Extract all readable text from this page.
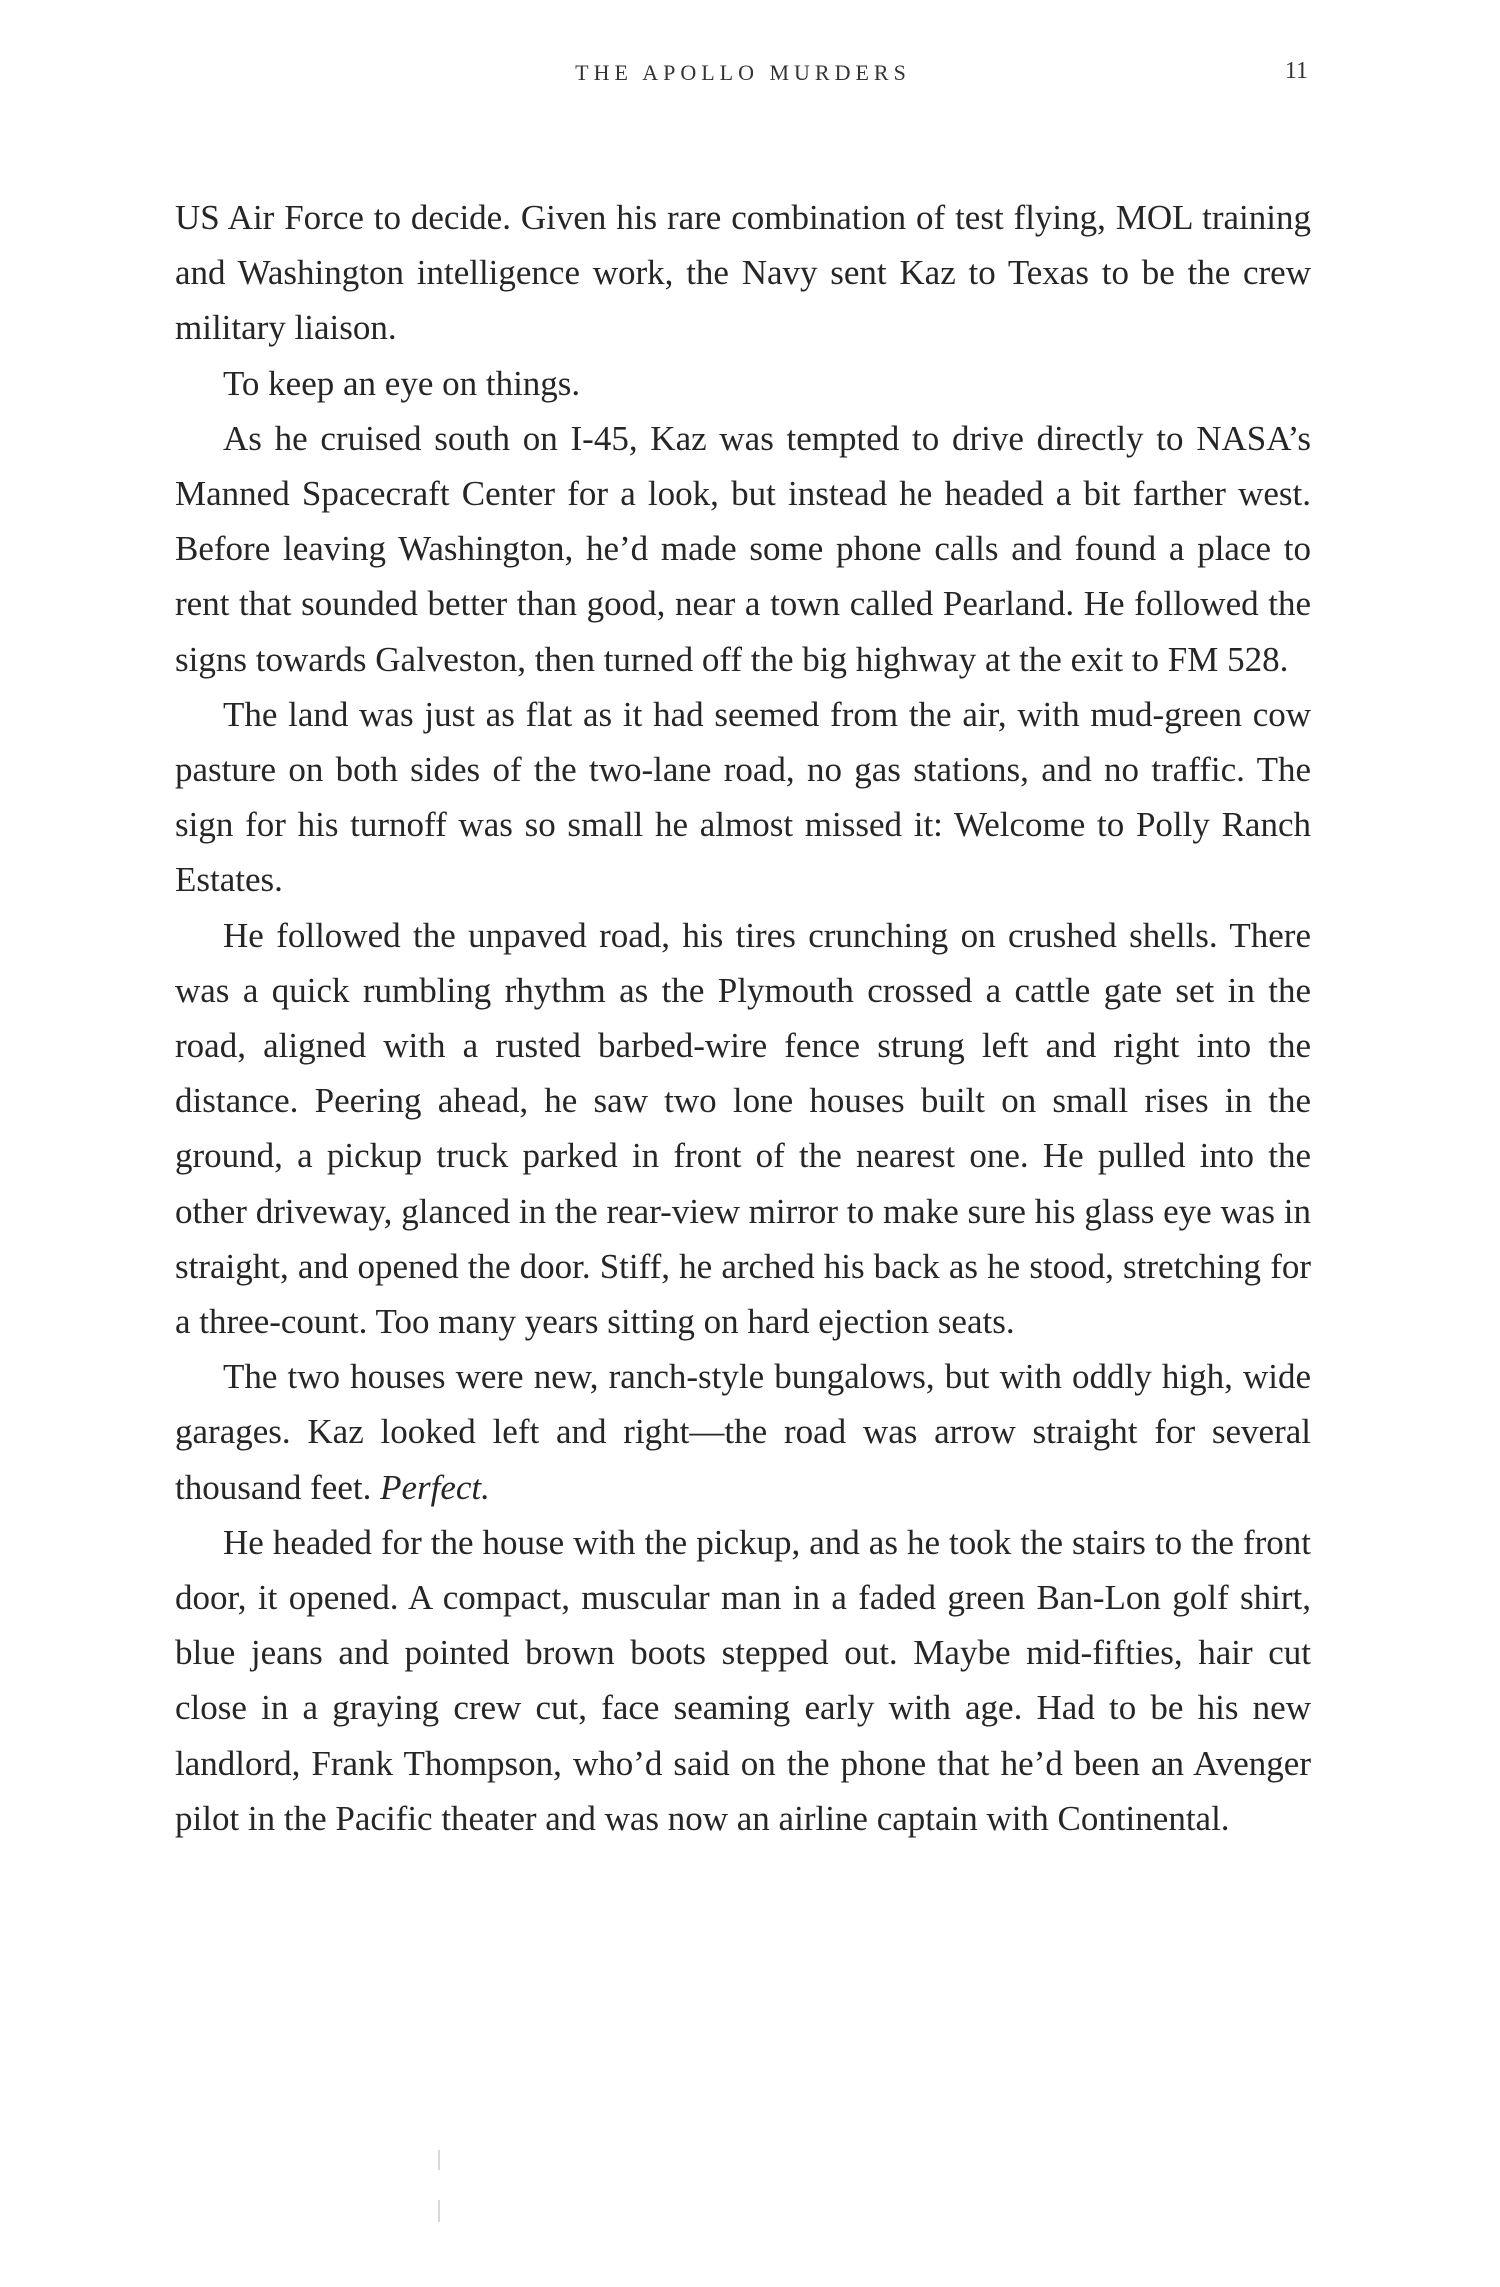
THE APOLLO MURDERS	11

US Air Force to decide. Given his rare combination of test flying, MOL training and Washington intelligence work, the Navy sent Kaz to Texas to be the crew military liaison.

To keep an eye on things.

As he cruised south on I-45, Kaz was tempted to drive directly to NASA’s Manned Spacecraft Center for a look, but instead he headed a bit farther west. Before leaving Washington, he’d made some phone calls and found a place to rent that sounded better than good, near a town called Pearland. He followed the signs towards Galveston, then turned off the big highway at the exit to FM 528.

The land was just as flat as it had seemed from the air, with mud-green cow pasture on both sides of the two-lane road, no gas stations, and no traffic. The sign for his turnoff was so small he almost missed it: Welcome to Polly Ranch Estates.

He followed the unpaved road, his tires crunching on crushed shells. There was a quick rumbling rhythm as the Plymouth crossed a cattle gate set in the road, aligned with a rusted barbed-wire fence strung left and right into the distance. Peering ahead, he saw two lone houses built on small rises in the ground, a pickup truck parked in front of the nearest one. He pulled into the other driveway, glanced in the rear-view mirror to make sure his glass eye was in straight, and opened the door. Stiff, he arched his back as he stood, stretching for a three-count. Too many years sitting on hard ejection seats.

The two houses were new, ranch-style bungalows, but with oddly high, wide garages. Kaz looked left and right—the road was arrow straight for several thousand feet. Perfect.

He headed for the house with the pickup, and as he took the stairs to the front door, it opened. A compact, muscular man in a faded green Ban-Lon golf shirt, blue jeans and pointed brown boots stepped out. Maybe mid-fifties, hair cut close in a graying crew cut, face seaming early with age. Had to be his new landlord, Frank Thompson, who’d said on the phone that he’d been an Avenger pilot in the Pacific theater and was now an airline captain with Continental.
